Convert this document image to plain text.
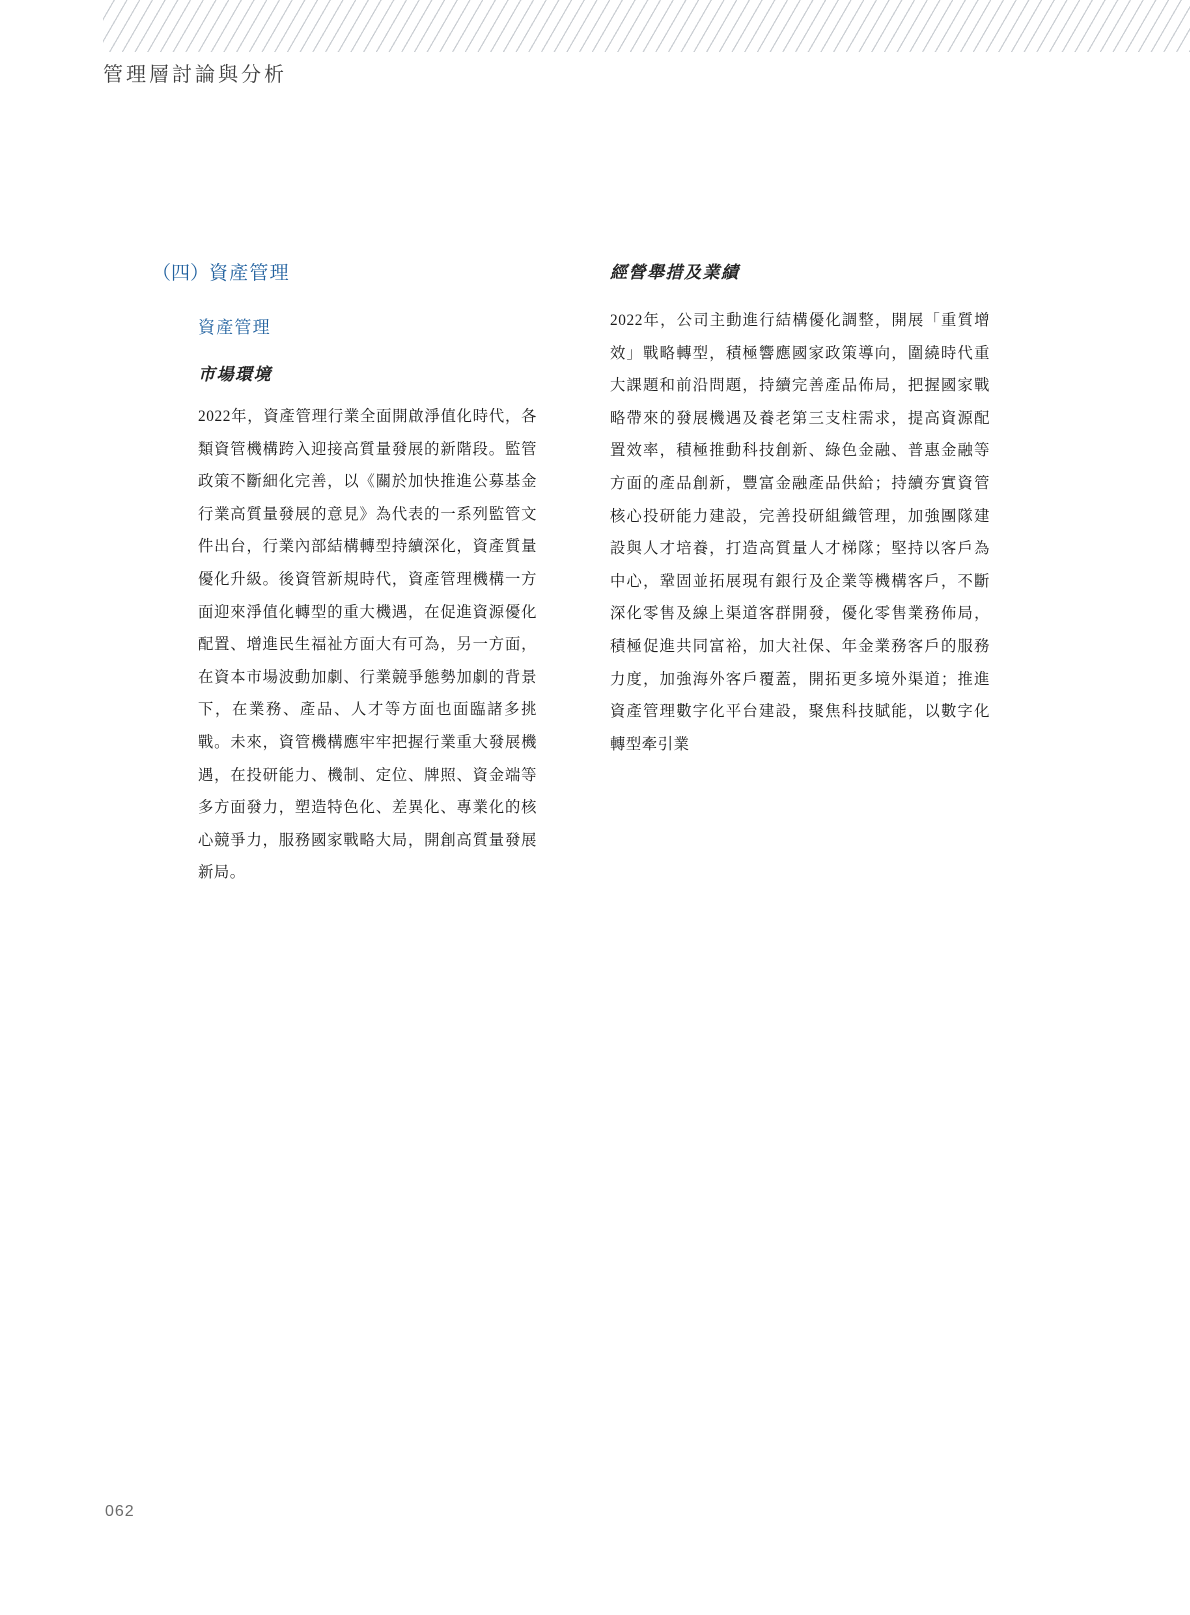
管理層討論與分析
（四）資產管理
資產管理
市場環境

2022年，資產管理行業全面開啟淨值化時代，各類資管機構跨入迎接高質量發展的新階段。監管政策不斷細化完善，以《關於加快推進公募基金行業高質量發展的意見》為代表的一系列監管文件出台，行業內部結構轉型持續深化，資產質量優化升級。後資管新規時代，資產管理機構一方面迎來淨值化轉型的重大機遇，在促進資源優化配置、增進民生福祉方面大有可為，另一方面，在資本市場波動加劇、行業競爭態勢加劇的背景下，在業務、產品、人才等方面也面臨諸多挑戰。未來，資管機構應牢牢把握行業重大發展機遇，在投研能力、機制、定位、牌照、資金端等多方面發力，塑造特色化、差異化、專業化的核心競爭力，服務國家戰略大局，開創高質量發展新局。

經營舉措及業績

2022年，公司主動進行結構優化調整，開展「重質增效」戰略轉型，積極響應國家政策導向，圍繞時代重大課題和前沿問題，持續完善產品佈局，把握國家戰略帶來的發展機遇及養老第三支柱需求，提高資源配置效率，積極推動科技創新、綠色金融、普惠金融等方面的產品創新，豐富金融產品供給；持續夯實資管核心投研能力建設，完善投研組織管理，加強團隊建設與人才培養，打造高質量人才梯隊；堅持以客戶為中心，鞏固並拓展現有銀行及企業等機構客戶，不斷深化零售及線上渠道客群開發，優化零售業務佈局，積極促進共同富裕，加大社保、年金業務客戶的服務力度，加強海外客戶覆蓋，開拓更多境外渠道；推進資產管理數字化平台建設，聚焦科技賦能，以數字化轉型牽引業

062
